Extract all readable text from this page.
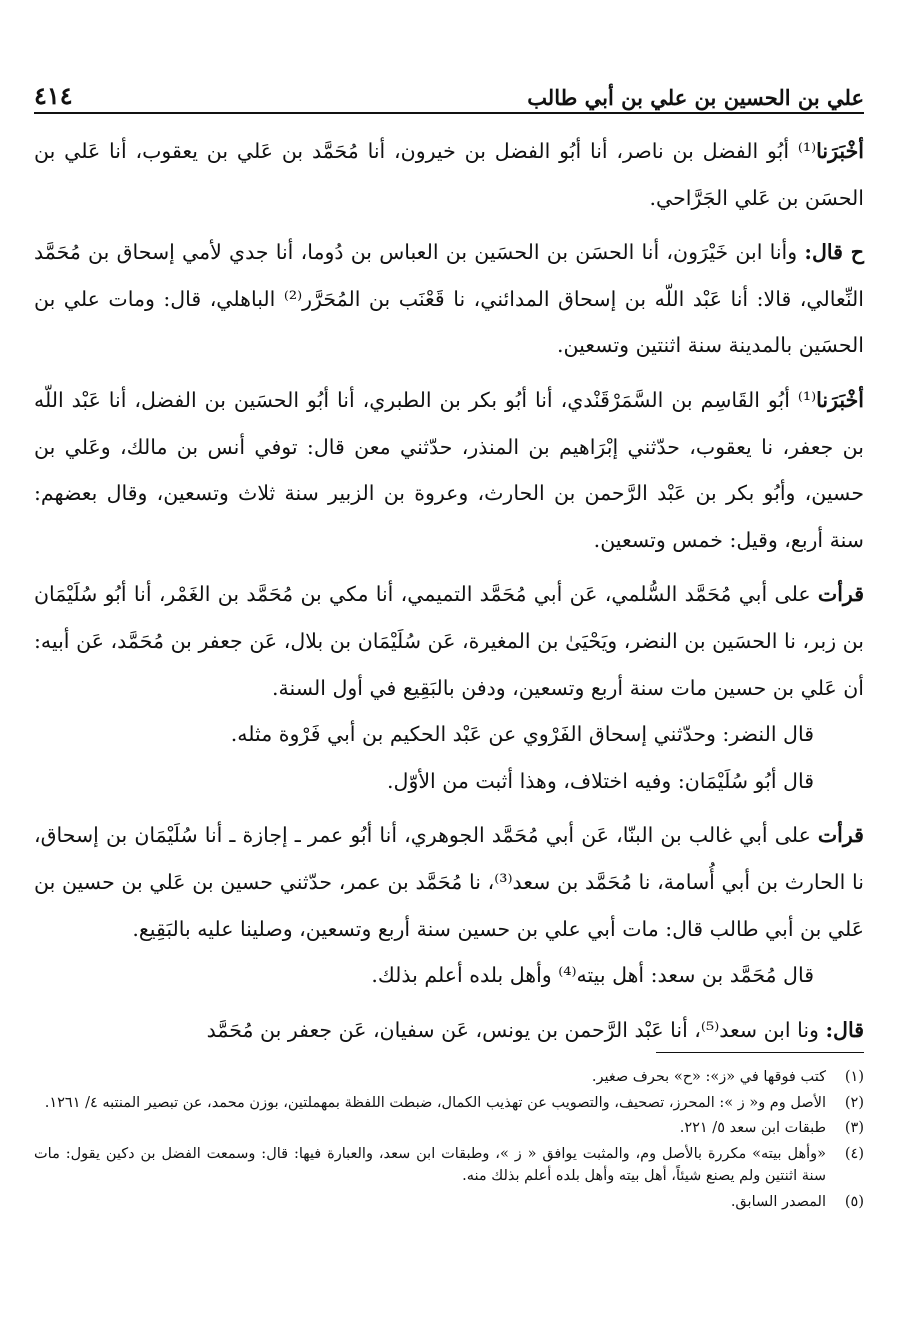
علي بن الحسين بن علي بن أبي طالب
٤١٤

أخْبَرَنا⁽¹⁾ أبُو الفضل بن ناصر، أنا أبُو الفضل بن خيرون، أنا مُحَمَّد بن عَلي بن يعقوب، أنا عَلي بن الحسَن بن عَلي الجَرَّاحي.

ح قال: وأنا ابن خَيْرَون، أنا الحسَن بن الحسَين بن العباس بن دُوما، أنا جدي لأمي إسحاق بن مُحَمَّد النِّعالي، قالا: أنا عَبْد اللّه بن إسحاق المدائني، نا قَعْنَب بن المُحَرَّر⁽²⁾ الباهلي، قال: ومات علي بن الحسَين بالمدينة سنة اثنتين وتسعين.

أخْبَرَنا⁽¹⁾ أبُو القَاسِم بن السَّمَرْقَنْدي، أنا أبُو بكر بن الطبري، أنا أبُو الحسَين بن الفضل، أنا عَبْد اللّه بن جعفر، نا يعقوب، حدّثني إبْرَاهيم بن المنذر، حدّثني معن قال: توفي أنس بن مالك، وعَلي بن حسين، وأبُو بكر بن عَبْد الرَّحمن بن الحارث، وعروة بن الزبير سنة ثلاث وتسعين، وقال بعضهم: سنة أربع، وقيل: خمس وتسعين.

قرأت على أبي مُحَمَّد السُّلمي، عَن أبي مُحَمَّد التميمي، أنا مكي بن مُحَمَّد بن الغَمْر، أنا أبُو سُلَيْمَان بن زبر، نا الحسَين بن النضر، ويَحْيَىٰ بن المغيرة، عَن سُلَيْمَان بن بلال، عَن جعفر بن مُحَمَّد، عَن أبيه: أن عَلي بن حسين مات سنة أربع وتسعين، ودفن بالبَقِيع في أول السنة.

قال النضر: وحدّثني إسحاق الفَرْوي عن عَبْد الحكيم بن أبي فَرْوة مثله.

قال أبُو سُلَيْمَان: وفيه اختلاف، وهذا أثبت من الأوّل.

قرأت على أبي غالب بن البنّا، عَن أبي مُحَمَّد الجوهري، أنا أبُو عمر ـ إجازة ـ أنا سُلَيْمَان بن إسحاق، نا الحارث بن أبي أُسامة، نا مُحَمَّد بن سعد⁽³⁾، نا مُحَمَّد بن عمر، حدّثني حسين بن عَلي بن حسين بن عَلي بن أبي طالب قال: مات أبي علي بن حسين سنة أربع وتسعين، وصلينا عليه بالبَقِيع.

قال مُحَمَّد بن سعد: أهل بيته⁽⁴⁾ وأهل بلده أعلم بذلك.

قال: ونا ابن سعد⁽⁵⁾، أنا عَبْد الرَّحمن بن يونس، عَن سفيان، عَن جعفر بن مُحَمَّد

(١)
كتب فوقها في «ز»: «ح» بحرف صغير.
(٢)
الأصل وم و« ز »: المحرز، تصحيف، والتصويب عن تهذيب الكمال، ضبطت اللفظة بمهملتين، بوزن محمد، عن تبصير المنتبه ٤/ ١٢٦١.
(٣)
طبقات ابن سعد ٥/ ٢٢١.
(٤)
«وأهل بيته» مكررة بالأصل وم، والمثبت يوافق « ز »، وطبقات ابن سعد، والعبارة فيها: قال: وسمعت الفضل بن دكين يقول: مات سنة اثنتين ولم يصنع شيئاً، أهل بيته وأهل بلده أعلم بذلك منه.
(٥)
المصدر السابق.
